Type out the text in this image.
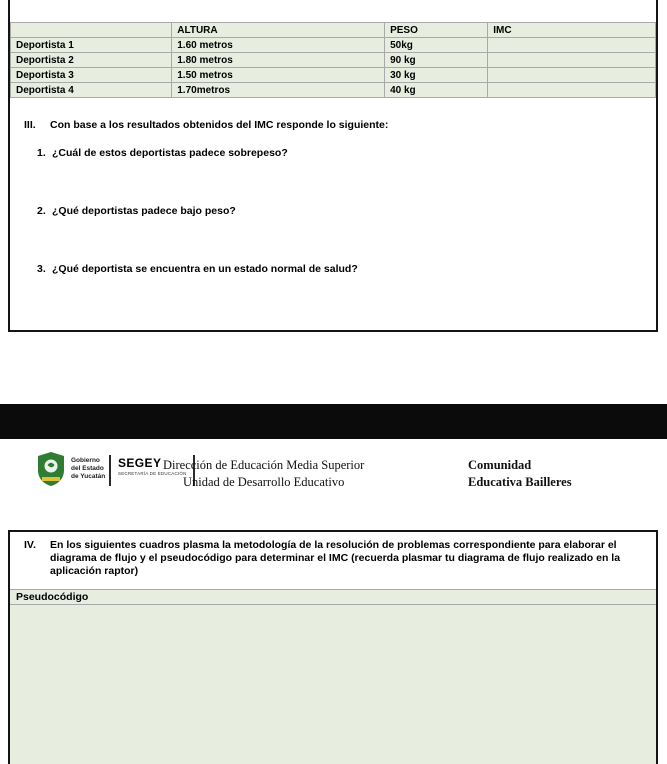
	ALTURA	PESO	IMC
Deportista 1	1.60 metros	50kg	
Deportista 2	1.80 metros	90 kg	
Deportista 3	1.50 metros	30 kg	
Deportista 4	1.70metros	40 kg	
III.	Con base a los resultados obtenidos del IMC responde lo siguiente:
1. ¿Cuál de estos deportistas padece sobrepeso?
2. ¿Qué deportistas padece bajo peso?
3. ¿Qué deportista se encuentra en un estado normal de salud?
Gobierno
del Estado
de Yucatán
SEGEY
SECRETARÍA DE EDUCACIÓN
Dirección de Educación Media Superior
Unidad de Desarrollo Educativo
Comunidad
Educativa Bailleres
IV.	En los siguientes cuadros plasma la metodología de la resolución de problemas correspondiente para elaborar el diagrama de flujo y el pseudocódigo para determinar el IMC (recuerda plasmar tu diagrama de flujo realizado en la aplicación raptor)
Pseudocódigo
